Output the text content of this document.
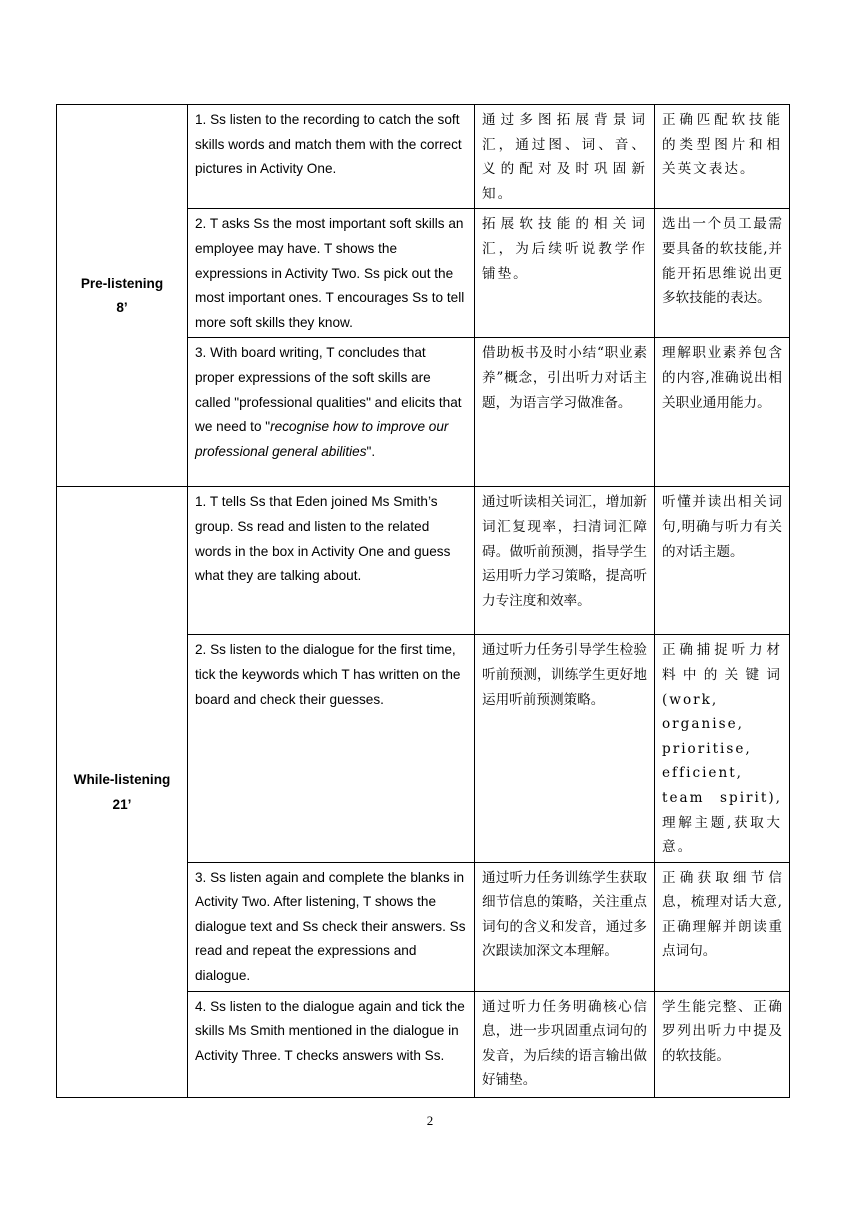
Pre-listening
8’	1. Ss listen to the recording to catch the soft skills words and match them with the correct pictures in Activity One.	通过多图拓展背景词汇，通过图、词、音、义的配对及时巩固新知。	正确匹配软技能的类型图片和相关英文表达。
	2. T asks Ss the most important soft skills an employee may have. T shows the expressions in Activity Two. Ss pick out the most important ones. T encourages Ss to tell more soft skills they know.	拓展软技能的相关词汇，为后续听说教学作铺垫。	选出一个员工最需要具备的软技能,并能开拓思维说出更多软技能的表达。
	3. With board writing, T concludes that proper expressions of the soft skills are called "professional qualities" and elicits that we need to "recognise how to improve our professional general abilities".	借助板书及时小结“职业素养”概念，引出听力对话主题，为语言学习做准备。	理解职业素养包含的内容,准确说出相关职业通用能力。

While-listening
21’	1. T tells Ss that Eden joined Ms Smith’s group. Ss read and listen to the related words in the box in Activity One and guess what they are talking about.	通过听读相关词汇，增加新词汇复现率，扫清词汇障碍。做听前预测，指导学生运用听力学习策略，提高听力专注度和效率。	听懂并读出相关词句,明确与听力有关的对话主题。
	2. Ss listen to the dialogue for the first time, tick the keywords which T has written on the board and check their guesses.	通过听力任务引导学生检验听前预测，训练学生更好地运用听前预测策略。	正确捕捉听力材料中的关键词(work, organise, prioritise, efficient, team spirit),理解主题,获取大意。
	3. Ss listen again and complete the blanks in Activity Two. After listening, T shows the dialogue text and Ss check their answers. Ss read and repeat the expressions and dialogue.	通过听力任务训练学生获取细节信息的策略，关注重点词句的含义和发音，通过多次跟读加深文本理解。	正确获取细节信息，梳理对话大意,正确理解并朗读重点词句。
	4. Ss listen to the dialogue again and tick the skills Ms Smith mentioned in the dialogue in Activity Three. T checks answers with Ss.	通过听力任务明确核心信息，进一步巩固重点词句的发音，为后续的语言输出做好铺垫。	学生能完整、正确罗列出听力中提及的软技能。
2
